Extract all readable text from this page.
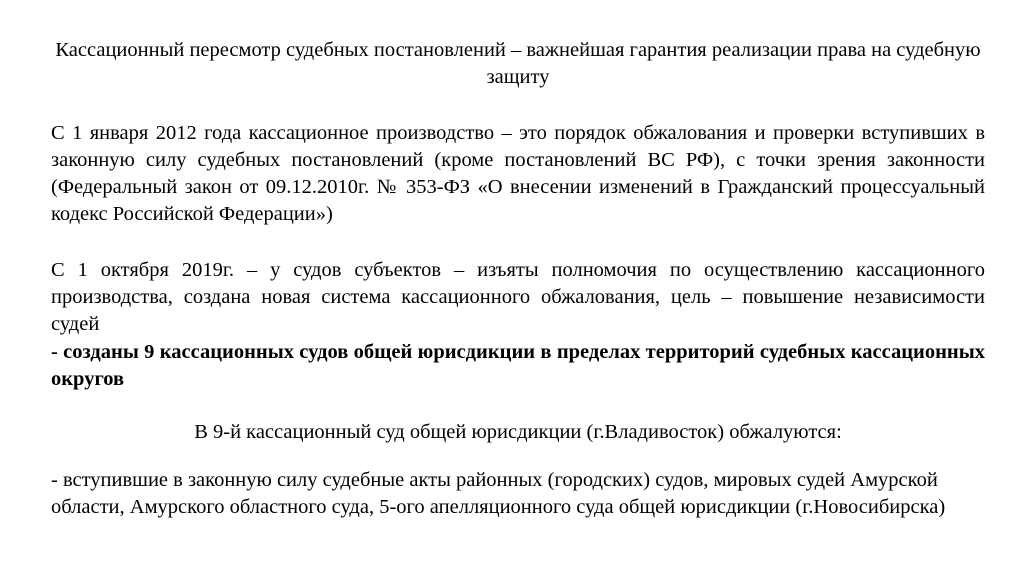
Кассационный пересмотр судебных постановлений – важнейшая гарантия реализации права на судебную защиту

С 1 января 2012 года кассационное производство – это порядок обжалования и проверки вступивших в законную силу судебных постановлений (кроме постановлений ВС РФ), с точки зрения законности (Федеральный закон от 09.12.2010г. № 353-ФЗ «О внесении изменений в Гражданский процессуальный кодекс Российской Федерации»)

С 1 октября 2019г. – у судов субъектов – изъяты полномочия по осуществлению кассационного производства, создана новая система кассационного обжалования, цель – повышение независимости судей

- созданы 9 кассационных судов общей юрисдикции в пределах территорий судебных кассационных округов

В 9-й кассационный суд общей юрисдикции (г.Владивосток) обжалуются:

- вступившие в законную силу судебные акты районных (городских) судов, мировых судей Амурской области, Амурского областного суда, 5-ого апелляционного суда общей юрисдикции (г.Новосибирска)
